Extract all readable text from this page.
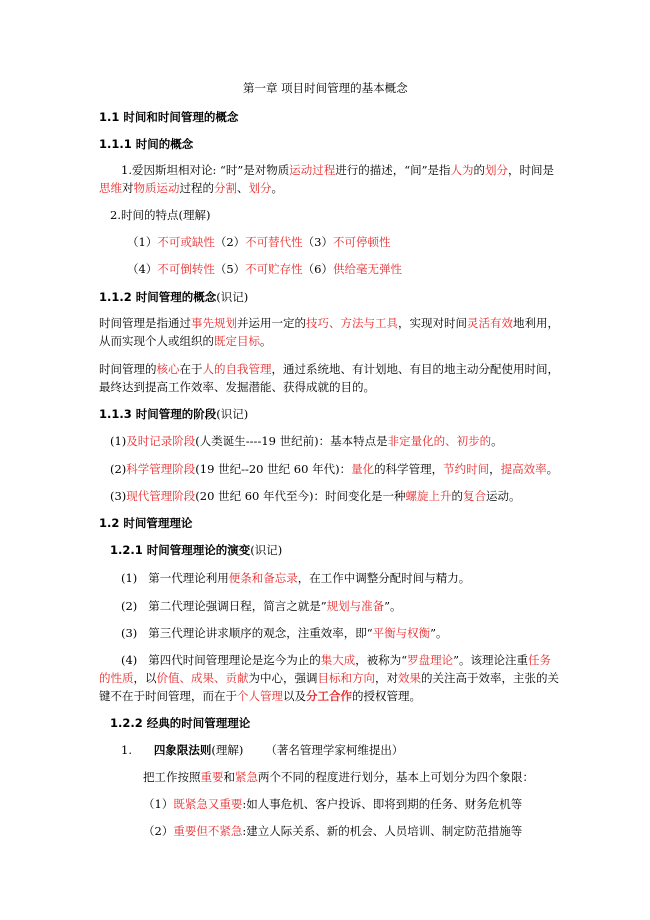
第一章 项目时间管理的基本概念
1.1 时间和时间管理的概念
1.1.1 时间的概念
1.爱因斯坦相对论: “时”是对物质运动过程进行的描述，“间”是指人为的划分，时间是
思维对物质运动过程的分割、划分。
2.时间的特点(理解)
（1）不可或缺性（2）不可替代性（3）不可停顿性
（4）不可倒转性（5）不可贮存性（6）供给毫无弹性
1.1.2 时间管理的概念(识记)
时间管理是指通过事先规划并运用一定的技巧、方法与工具，实现对时间灵活有效地利用，
从而实现个人或组织的既定目标。
时间管理的核心在于人的自我管理，通过系统地、有计划地、有目的地主动分配使用时间，
最终达到提高工作效率、发掘潜能、获得成就的目的。
1.1.3 时间管理的阶段(识记)
(1)及时记录阶段(人类诞生----19 世纪前)：基本特点是非定量化的、初步的。
(2)科学管理阶段(19 世纪--20 世纪 60 年代)：量化的科学管理，节约时间，提高效率。
(3)现代管理阶段(20 世纪 60 年代至今)：时间变化是一种螺旋上升的复合运动。
1.2 时间管理理论
1.2.1 时间管理理论的演变(识记)
(1) 第一代理论利用便条和备忘录，在工作中调整分配时间与精力。
(2) 第二代理论强调日程，简言之就是”规划与准备”。
(3) 第三代理论讲求顺序的观念，注重效率，即“平衡与权衡”。
(4) 第四代时间管理理论是迄今为止的集大成，被称为“罗盘理论”。该理论注重任务
的性质，以价值、成果、贡献为中心，强调目标和方向，对效果的关注高于效率，主张的关
键不在于时间管理，而在于个人管理以及分工合作的授权管理。
1.2.2 经典的时间管理理论
1. 四象限法则(理解) （著名管理学家柯维提出）
把工作按照重要和紧急两个不同的程度进行划分，基本上可划分为四个象限：
（1）既紧急又重要:如人事危机、客户投诉、即将到期的任务、财务危机等
（2）重要但不紧急:建立人际关系、新的机会、人员培训、制定防范措施等
